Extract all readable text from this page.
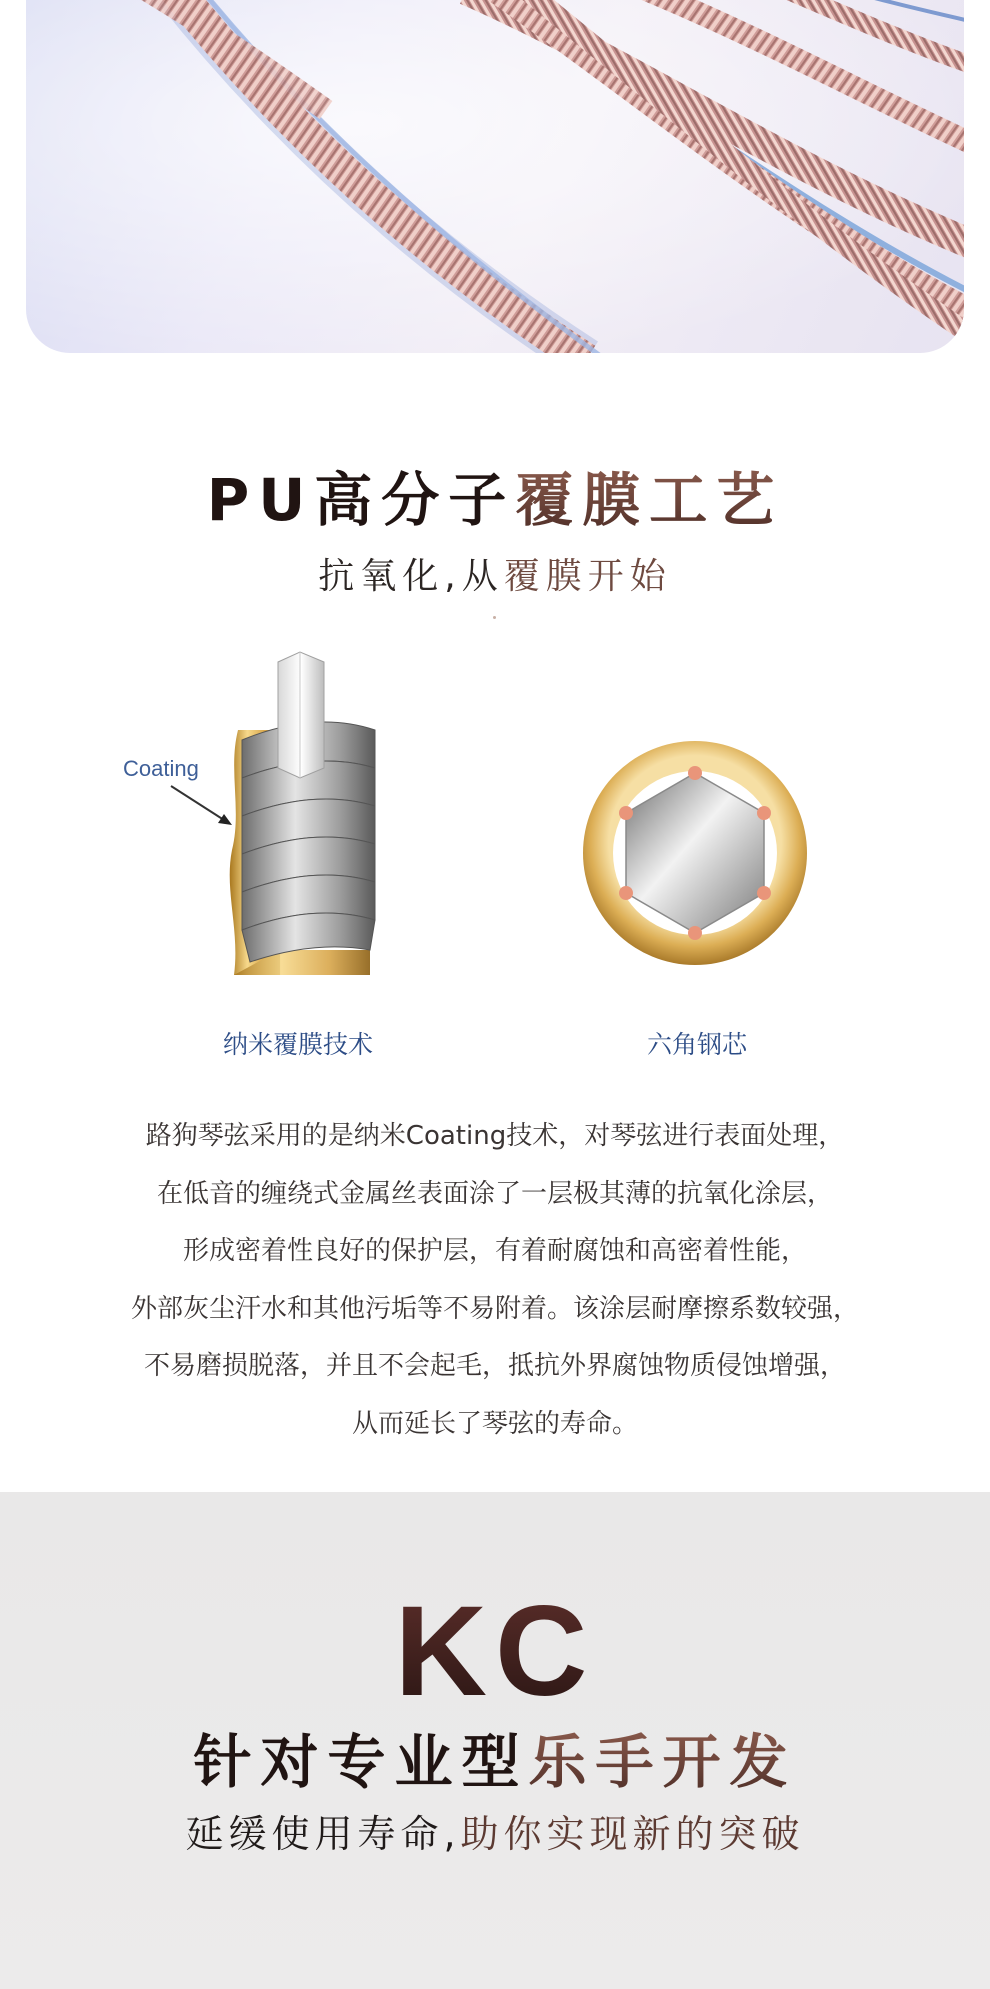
PU高分子覆膜工艺
抗氧化,从覆膜开始
Coating
纳米覆膜技术	六角钢芯
路狗琴弦采用的是纳米Coating技术，对琴弦进行表面处理，
在低音的缠绕式金属丝表面涂了一层极其薄的抗氧化涂层，
形成密着性良好的保护层，有着耐腐蚀和高密着性能，
外部灰尘汗水和其他污垢等不易附着。该涂层耐摩擦系数较强，
不易磨损脱落，并且不会起毛，抵抗外界腐蚀物质侵蚀增强，
从而延长了琴弦的寿命。
KC
针对专业型乐手开发
延缓使用寿命,助你实现新的突破
